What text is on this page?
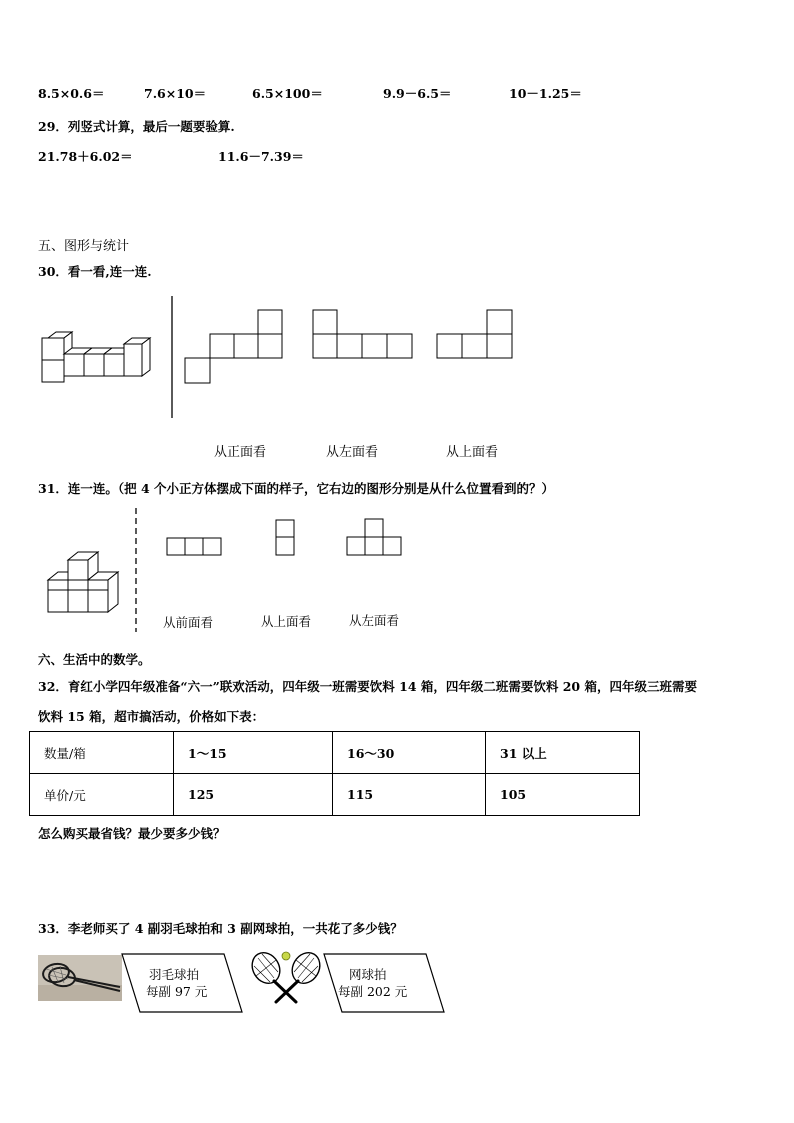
8.5×0.6＝	7.6×10＝	6.5×100＝	9.9－6.5＝	10－1.25＝
29．列竖式计算，最后一题要验算.
21.78＋6.02＝	11.6－7.39＝
五、图形与统计
30．看一看,连一连.
从正面看	从左面看	从上面看
31．连一连。（把 4 个小正方体摆成下面的样子，它右边的图形分别是从什么位置看到的？）
从前面看	从上面看	从左面看
六、生活中的数学。
32．育红小学四年级准备“六一”联欢活动，四年级一班需要饮料 14 箱，四年级二班需要饮料 20 箱，四年级三班需要
饮料 15 箱，超市搞活动，价格如下表：
数量/箱	1～15	16～30	31 以上
单价/元	125	115	105
怎么购买最省钱？最少要多少钱？
33．李老师买了 4 副羽毛球拍和 3 副网球拍，一共花了多少钱？
羽毛球拍
每副 97 元
网球拍
每副 202 元
